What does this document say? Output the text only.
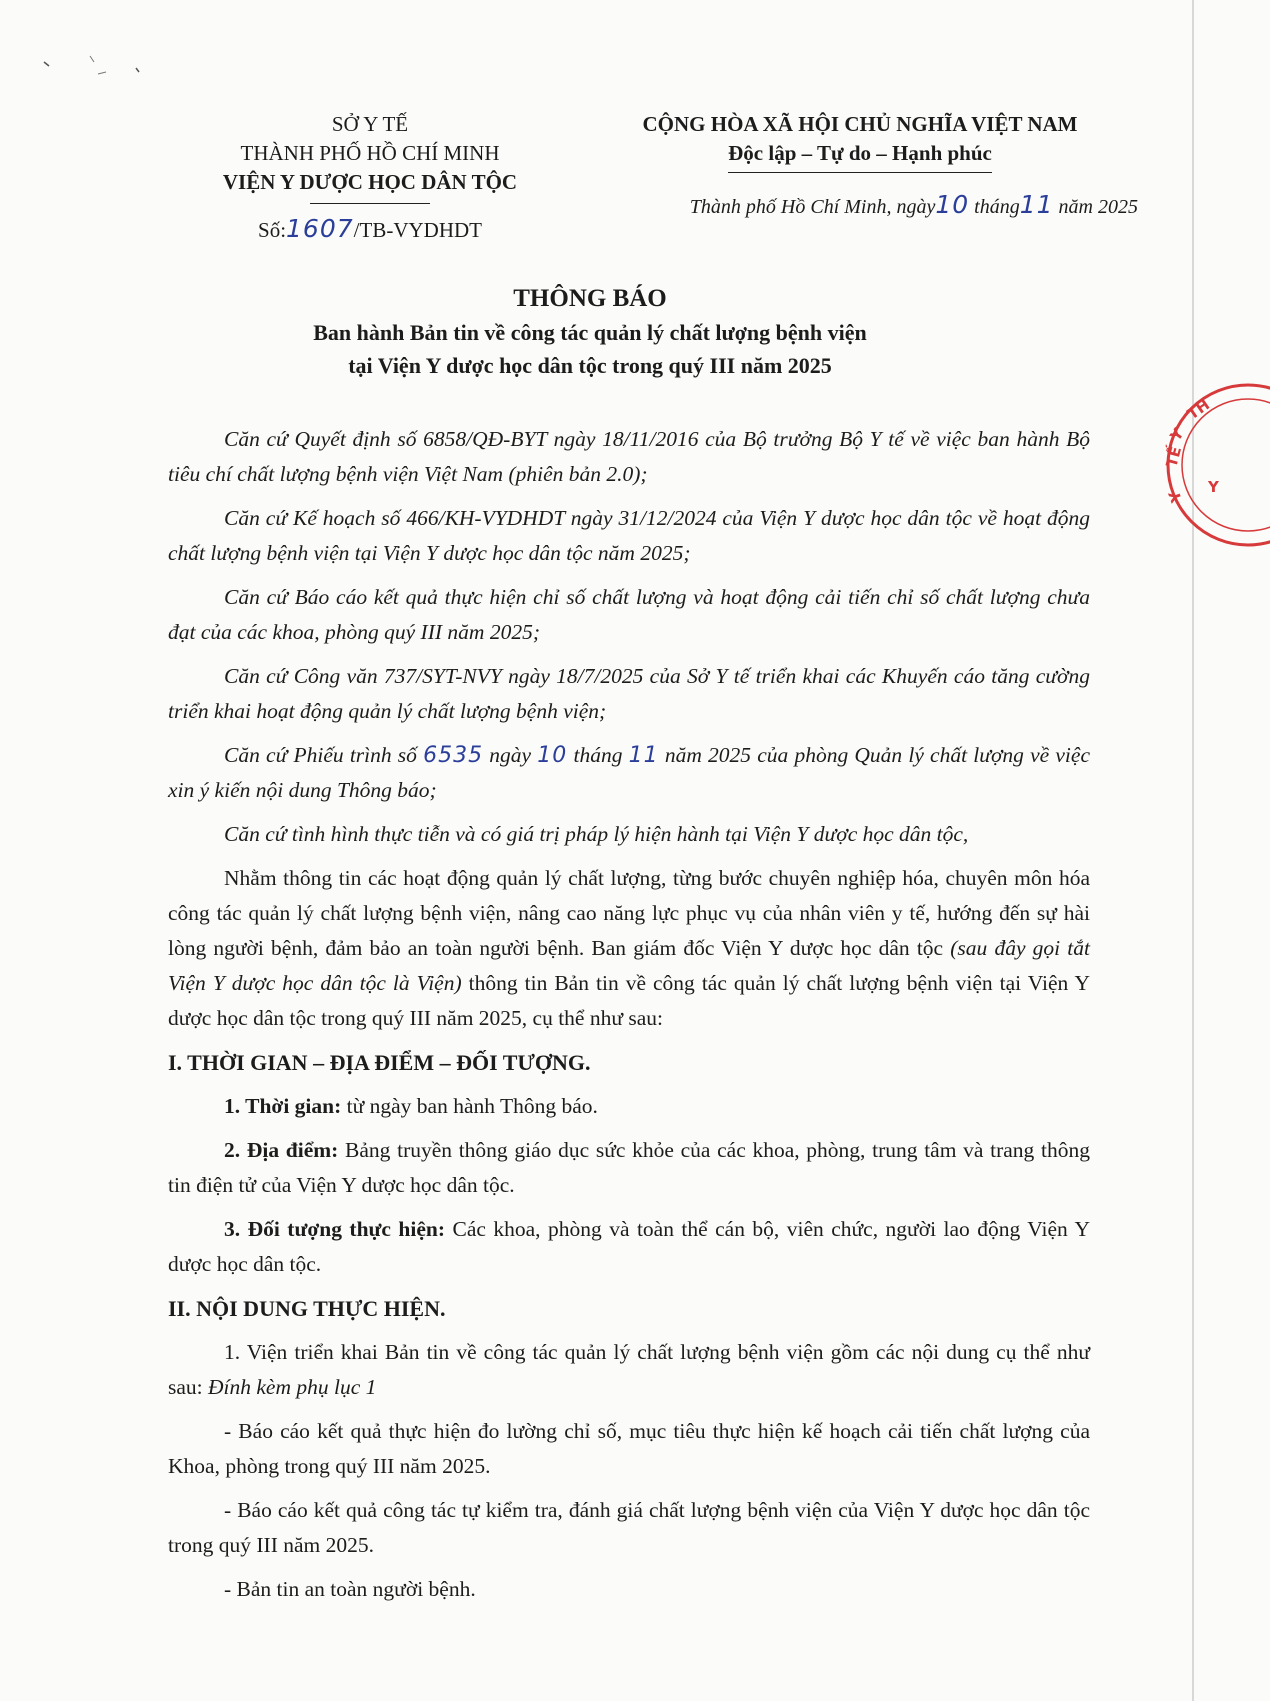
SỞ Y TẾ
THÀNH PHỐ HỒ CHÍ MINH
VIỆN Y DƯỢC HỌC DÂN TỘC
Số:1607/TB-VYDHDT
CỘNG HÒA XÃ HỘI CHỦ NGHĨA VIỆT NAM
Độc lập – Tự do – Hạnh phúc
Thành phố Hồ Chí Minh, ngày10 tháng11 năm 2025
THÔNG BÁO
Ban hành Bản tin về công tác quản lý chất lượng bệnh viện
tại Viện Y dược học dân tộc trong quý III năm 2025

Căn cứ Quyết định số 6858/QĐ-BYT ngày 18/11/2016 của Bộ trưởng Bộ Y tế về việc ban hành Bộ tiêu chí chất lượng bệnh viện Việt Nam (phiên bản 2.0);

Căn cứ Kế hoạch số 466/KH-VYDHDT ngày 31/12/2024 của Viện Y dược học dân tộc về hoạt động chất lượng bệnh viện tại Viện Y dược học dân tộc năm 2025;

Căn cứ Báo cáo kết quả thực hiện chỉ số chất lượng và hoạt động cải tiến chỉ số chất lượng chưa đạt của các khoa, phòng quý III năm 2025;

Căn cứ Công văn 737/SYT-NVY ngày 18/7/2025 của Sở Y tế triển khai các Khuyến cáo tăng cường triển khai hoạt động quản lý chất lượng bệnh viện;

Căn cứ Phiếu trình số 6535 ngày 10 tháng 11 năm 2025 của phòng Quản lý chất lượng về việc xin ý kiến nội dung Thông báo;

Căn cứ tình hình thực tiễn và có giá trị pháp lý hiện hành tại Viện Y dược học dân tộc,

Nhằm thông tin các hoạt động quản lý chất lượng, từng bước chuyên nghiệp hóa, chuyên môn hóa công tác quản lý chất lượng bệnh viện, nâng cao năng lực phục vụ của nhân viên y tế, hướng đến sự hài lòng người bệnh, đảm bảo an toàn người bệnh. Ban giám đốc Viện Y dược học dân tộc (sau đây gọi tắt Viện Y dược học dân tộc là Viện) thông tin Bản tin về công tác quản lý chất lượng bệnh viện tại Viện Y dược học dân tộc trong quý III năm 2025, cụ thể như sau:

I. THỜI GIAN – ĐỊA ĐIỂM – ĐỐI TƯỢNG.

1. Thời gian: từ ngày ban hành Thông báo.

2. Địa điểm: Bảng truyền thông giáo dục sức khỏe của các khoa, phòng, trung tâm và trang thông tin điện tử của Viện Y dược học dân tộc.

3. Đối tượng thực hiện: Các khoa, phòng và toàn thể cán bộ, viên chức, người lao động Viện Y dược học dân tộc.

II. NỘI DUNG THỰC HIỆN.

1. Viện triển khai Bản tin về công tác quản lý chất lượng bệnh viện gồm các nội dung cụ thể như sau: Đính kèm phụ lục 1

- Báo cáo kết quả thực hiện đo lường chỉ số, mục tiêu thực hiện kế hoạch cải tiến chất lượng của Khoa, phòng trong quý III năm 2025.

- Báo cáo kết quả công tác tự kiểm tra, đánh giá chất lượng bệnh viện của Viện Y dược học dân tộc trong quý III năm 2025.

- Bản tin an toàn người bệnh.

Y
TẾ
TH
Y
Y
